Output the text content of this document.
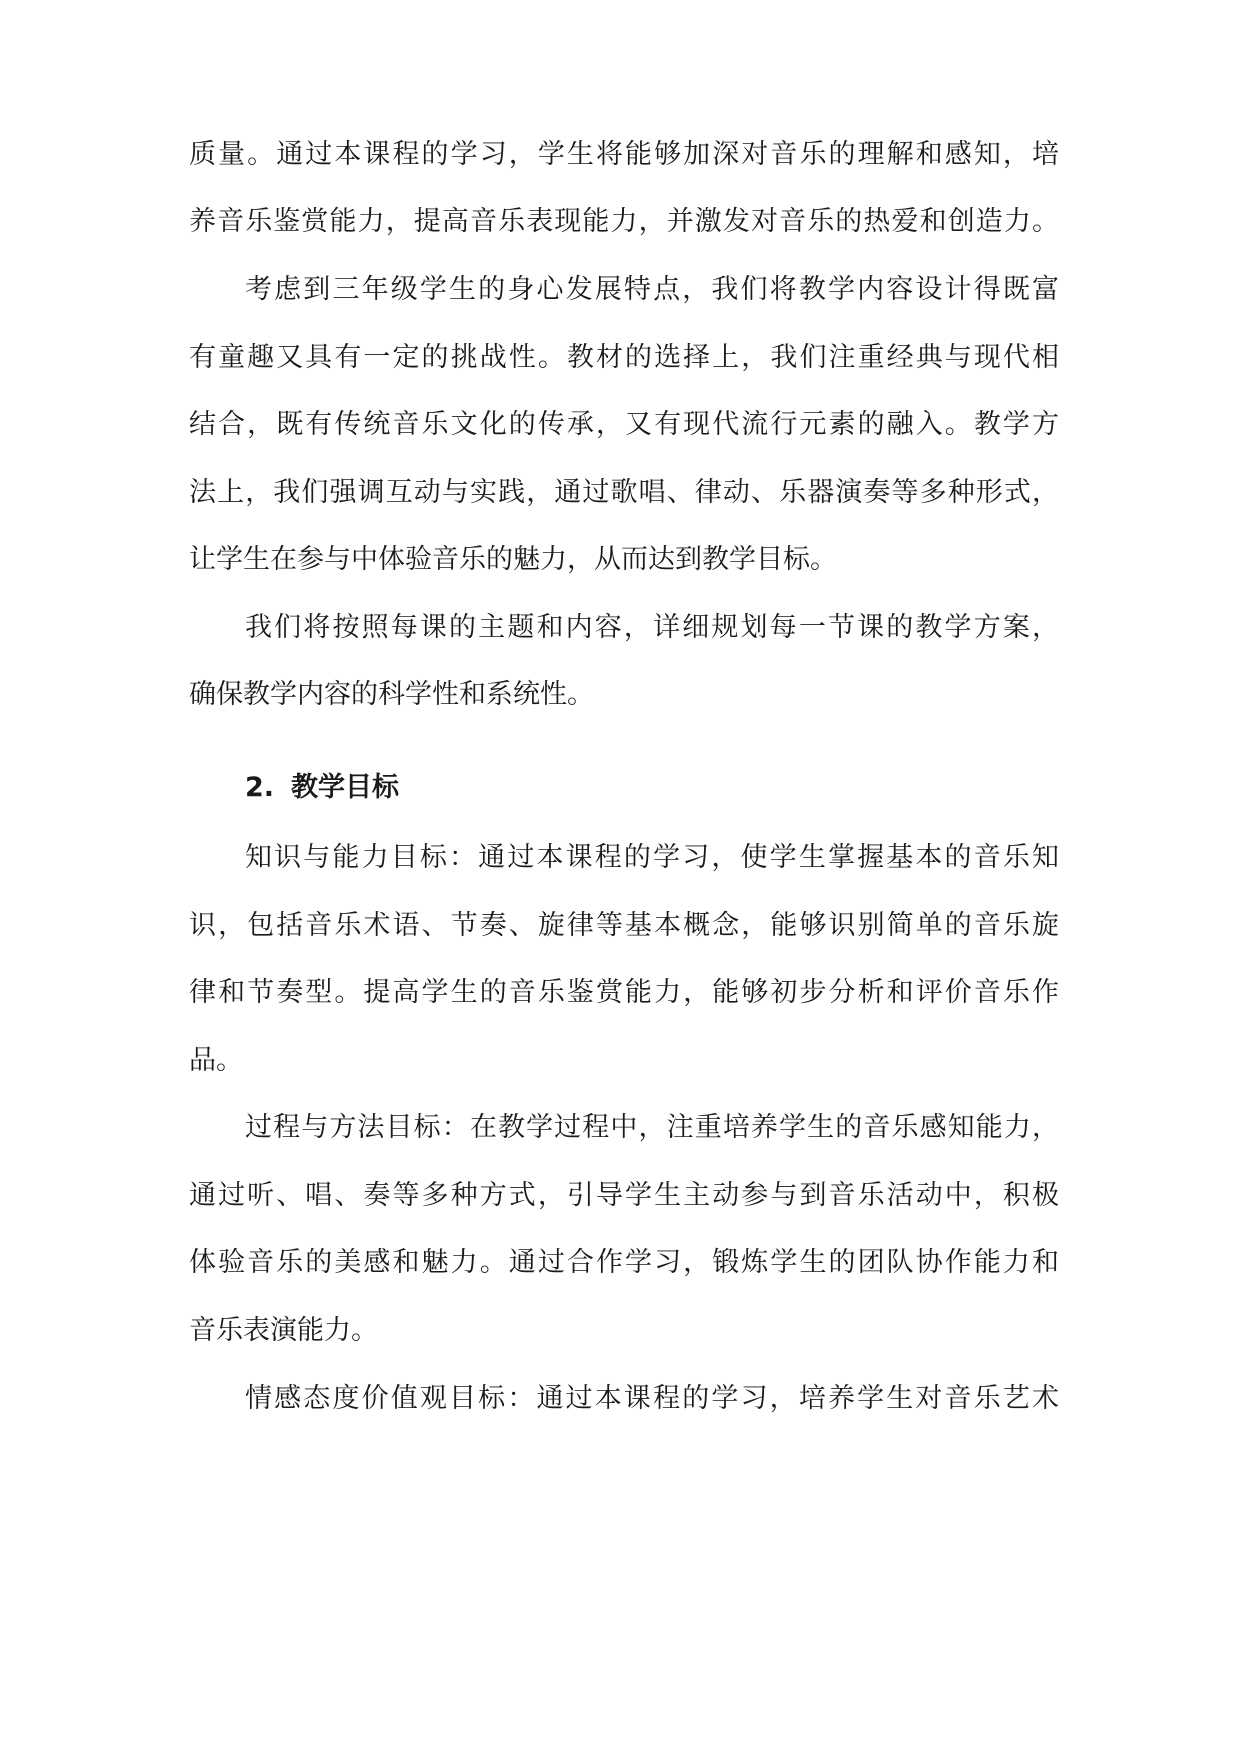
质量。通过本课程的学习，学生将能够加深对音乐的理解和感知，培
养音乐鉴赏能力，提高音乐表现能力，并激发对音乐的热爱和创造力。
考虑到三年级学生的身心发展特点，我们将教学内容设计得既富
有童趣又具有一定的挑战性。教材的选择上，我们注重经典与现代相
结合，既有传统音乐文化的传承，又有现代流行元素的融入。教学方
法上，我们强调互动与实践，通过歌唱、律动、乐器演奏等多种形式，
让学生在参与中体验音乐的魅力，从而达到教学目标。
我们将按照每课的主题和内容，详细规划每一节课的教学方案，
确保教学内容的科学性和系统性。
2. 教学目标
知识与能力目标：通过本课程的学习，使学生掌握基本的音乐知
识，包括音乐术语、节奏、旋律等基本概念，能够识别简单的音乐旋
律和节奏型。提高学生的音乐鉴赏能力，能够初步分析和评价音乐作
品。
过程与方法目标：在教学过程中，注重培养学生的音乐感知能力，
通过听、唱、奏等多种方式，引导学生主动参与到音乐活动中，积极
体验音乐的美感和魅力。通过合作学习，锻炼学生的团队协作能力和
音乐表演能力。
情感态度价值观目标：通过本课程的学习，培养学生对音乐艺术
